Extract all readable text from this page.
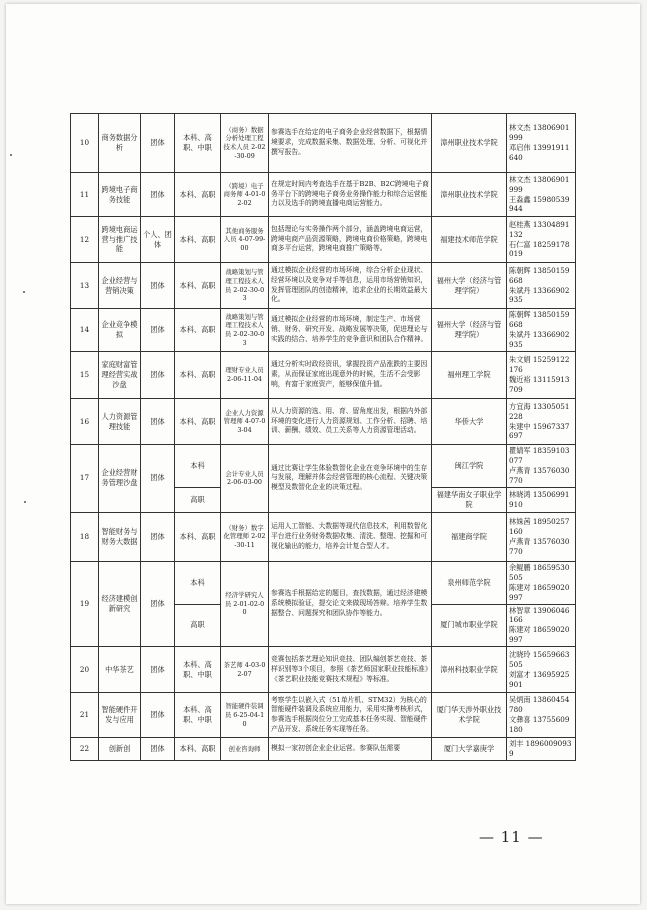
10	商务数据分析	团体	本科、高职、中职	（商务）数据分析处理工程技术人员 2-02-30-09	参赛选手在给定的电子商务企业经营数据下，根据情境要求，完成数据采集、数据处理、分析、可视化并撰写报告。	漳州职业技术学院	林文杰 13806901999
邓启伟 13991911640

11	跨境电子商务技能	团体	本科、高职	（跨境）电子商务师 4-01-02-02	在规定时间内考查选手在基于B2B、B2C跨境电子商务平台下的跨境电子商务业务操作能力和综合运营能力以及选手的跨境直播电商运营能力。	漳州职业技术学院	林文杰 13806901999
王淼鑫 15980539944

12	跨境电商运营与推广技能	个人、团体	本科、高职	其他商务服务人员 4-07-99-00	包括理论与实务操作两个部分，涵盖跨境电商运营，跨境电商产品资源策略，跨境电商价格策略，跨境电商多平台运营，跨境电商推广策略等。	福建技术师范学院	赵桂燕 13304891132
石仁富 18259178019

13	企业经营与营销决策	团体	本科、高职	战略策划与管理工程技术人员 2-02-30-03	通过模拟企业经营的市场环境，综合分析企业现状、经营环境以及竞争对手等信息，运用市场营销知识，发挥管理团队的创造精神，追求企业的长期效益最大化。	福州大学（经济与管理学院）	陈朝辉 13850159668
朱斌丹 13366902935

14	企业竞争模拟	团体	本科、高职	战略策划与管理工程技术人员 2-02-30-03	通过模拟企业经营的市场环境，制定生产、市场营销、财务、研究开发、战略发展等决策，促进理论与实践的结合、培养学生的竞争意识和团队合作精神。	福州大学（经济与管理学院）	陈朝辉 13850159668
朱斌丹 13366902935

15	家庭财富管理经营实战沙盘	团体	本科、高职	理财专业人员 2-06-11-04	通过分析实时政经资讯，掌握投资产品涨跌的主要因素，从而保证家庭出现意外的时候，生活不会受影响，有富于家庭资产，能够保值升值。	福州理工学院	朱文娟 15259122176
魏近裕 13115913709

16	人力资源管理技能	团体	本科、高职	企业人力资源管理师 4-07-03-04	从人力资源的选、用、育、留角度出发，根据内外部环境的变化进行人力资源规划、工作分析、招聘、培训、薪酬、绩效、员工关系等人力资源管理活动。	华侨大学	方宜海 13305051228
朱建中 15967337697

17	企业经营财务管理沙盘	团体	本科	会计专业人员 2-06-03-00	通过比赛让学生体验数智化企业在竞争环境中的生存与发展，理解并体会经营管理的核心流程、关键决策模型及数智化企业的决策过程。	闽江学院	瞿婧军 18359103077
卢燕青 13576030770

			高职			福建华南女子职业学院	林晓鸿 13506991910

18	智能财务与财务大数据	团体	本科、高职	（财务）数字化管理师 2-02-30-11	运用人工智能、大数据等现代信息技术，利用数智化平台进行业务财务数据收集、清洗、整理、挖掘和可视化输出的能力，培养会计复合型人才。	福建商学院	林姝茜 18950257160
卢燕青 13576030770

19	经济建模创新研究	团体	本科	经济学研究人员 2-01-02-00	参赛选手根据给定的题目，查找数据，通过经济建模系统模拟验证，提交论文来做现场答辩。培养学生数据整合、问题探究和团队协作等能力。	泉州师范学院	余鲲鹏 18659530505
陈建对 18659020997

			高职			厦门城市职业学院	林智章 13906046166
陈建对 18659020997

20	中华茶艺	团体	本科、高职、中职	茶艺师 4-03-02-07	竞赛包括茶艺理论知识竞技、团队编创茶艺竞技、茶样识别等3个项目，参照《茶艺师国家职业技能标准》《茶艺职业技能竞赛技术规程》等标准。	漳州科技职业学院	沈晓玲 15659663505
刘富才 13695925901

21	智能硬件开发与应用	团体	本科、高职、中职	智能硬件装调员 6-25-04-10	考察学生以嵌入式（51单片机、STM32）为核心的智能硬件装调及系统应用能力，采用实操考核形式，参赛选手根据岗位分工完成基本任务实现、智能硬件产品开发、系统任务实现等任务。	厦门华天涉外职业技术学院	吴炳南 13860454780
文彝喜 13755609180

22	创新创	团体	本科、高职	创业咨询师	模拟一家初创企业企业运营。参赛队伍需要	厦门大学嘉庚学	刘丰 18960090939
— 11 —
